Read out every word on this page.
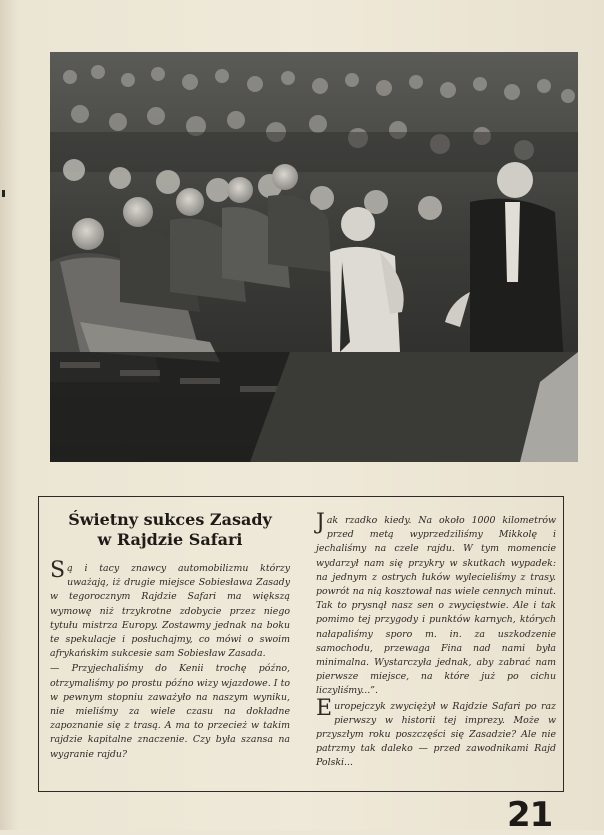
Świetny sukces Zasady
w Rajdzie Safari

Są i tacy znawcy automobilizmu którzy uważają, iż drugie miejsce Sobiesława Zasady w tegorocznym Rajdzie Safari ma większą wymowę niż trzykrotne zdobycie przez niego tytułu mistrza Europy. Zostawmy jednak na boku te spekulacje i posłuchajmy, co mówi o swoim afrykańskim sukcesie sam Sobiesław Zasada.

— Przyjechaliśmy do Kenii trochę późno, otrzymaliśmy po prostu późno wizy wjazdowe. I to w pewnym stopniu zaważyło na naszym wyniku, nie mieliśmy za wiele czasu na dokładne zapoznanie się z trasą. A ma to przecież w takim rajdzie kapitalne znaczenie. Czy była szansa na wygranie rajdu?

Jak rzadko kiedy. Na około 1000 kilometrów przed metą wyprzedziliśmy Mikkolę i jechaliśmy na czele rajdu. W tym momencie wydarzył nam się przykry w skutkach wypadek: na jednym z ostrych łuków wylecieliśmy z trasy. powrót na nią kosztował nas wiele cennych minut. Tak to prysnął nasz sen o zwycięstwie. Ale i tak pomimo tej przygody i punktów karnych, których nałapaliśmy sporo m. in. za uszkodzenie samochodu, przewaga Fina nad nami była minimalna. Wystarczyła jednak, aby zabrać nam pierwsze miejsce, na które już po cichu liczyliśmy...”.

Europejczyk zwyciężył w Rajdzie Safari po raz pierwszy w historii tej imprezy. Może w przyszłym roku poszczęści się Zasadzie? Ale nie patrzmy tak daleko — przed zawodnikami Rajd Polski...

21
